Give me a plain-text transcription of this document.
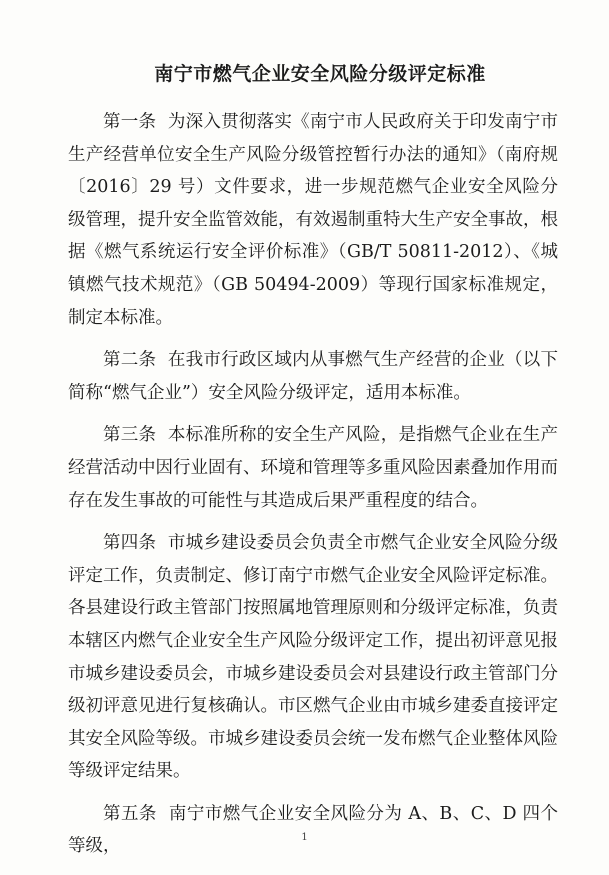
南宁市燃气企业安全风险分级评定标准

第一条 为深入贯彻落实《南宁市人民政府关于印发南宁市生产经营单位安全生产风险分级管控暂行办法的通知》（南府规〔2016〕29 号）文件要求，进一步规范燃气企业安全风险分级管理，提升安全监管效能，有效遏制重特大生产安全事故，根据《燃气系统运行安全评价标准》（GB/T 50811-2012）、《城镇燃气技术规范》（GB 50494-2009）等现行国家标准规定，制定本标准。

第二条 在我市行政区域内从事燃气生产经营的企业（以下简称“燃气企业”）安全风险分级评定，适用本标准。

第三条 本标准所称的安全生产风险，是指燃气企业在生产经营活动中因行业固有、环境和管理等多重风险因素叠加作用而存在发生事故的可能性与其造成后果严重程度的结合。

第四条 市城乡建设委员会负责全市燃气企业安全风险分级评定工作，负责制定、修订南宁市燃气企业安全风险评定标准。各县建设行政主管部门按照属地管理原则和分级评定标准，负责本辖区内燃气企业安全生产风险分级评定工作，提出初评意见报市城乡建设委员会，市城乡建设委员会对县建设行政主管部门分级初评意见进行复核确认。市区燃气企业由市城乡建委直接评定其安全风险等级。市城乡建设委员会统一发布燃气企业整体风险等级评定结果。

第五条 南宁市燃气企业安全风险分为 A、B、C、D 四个等级，	1
